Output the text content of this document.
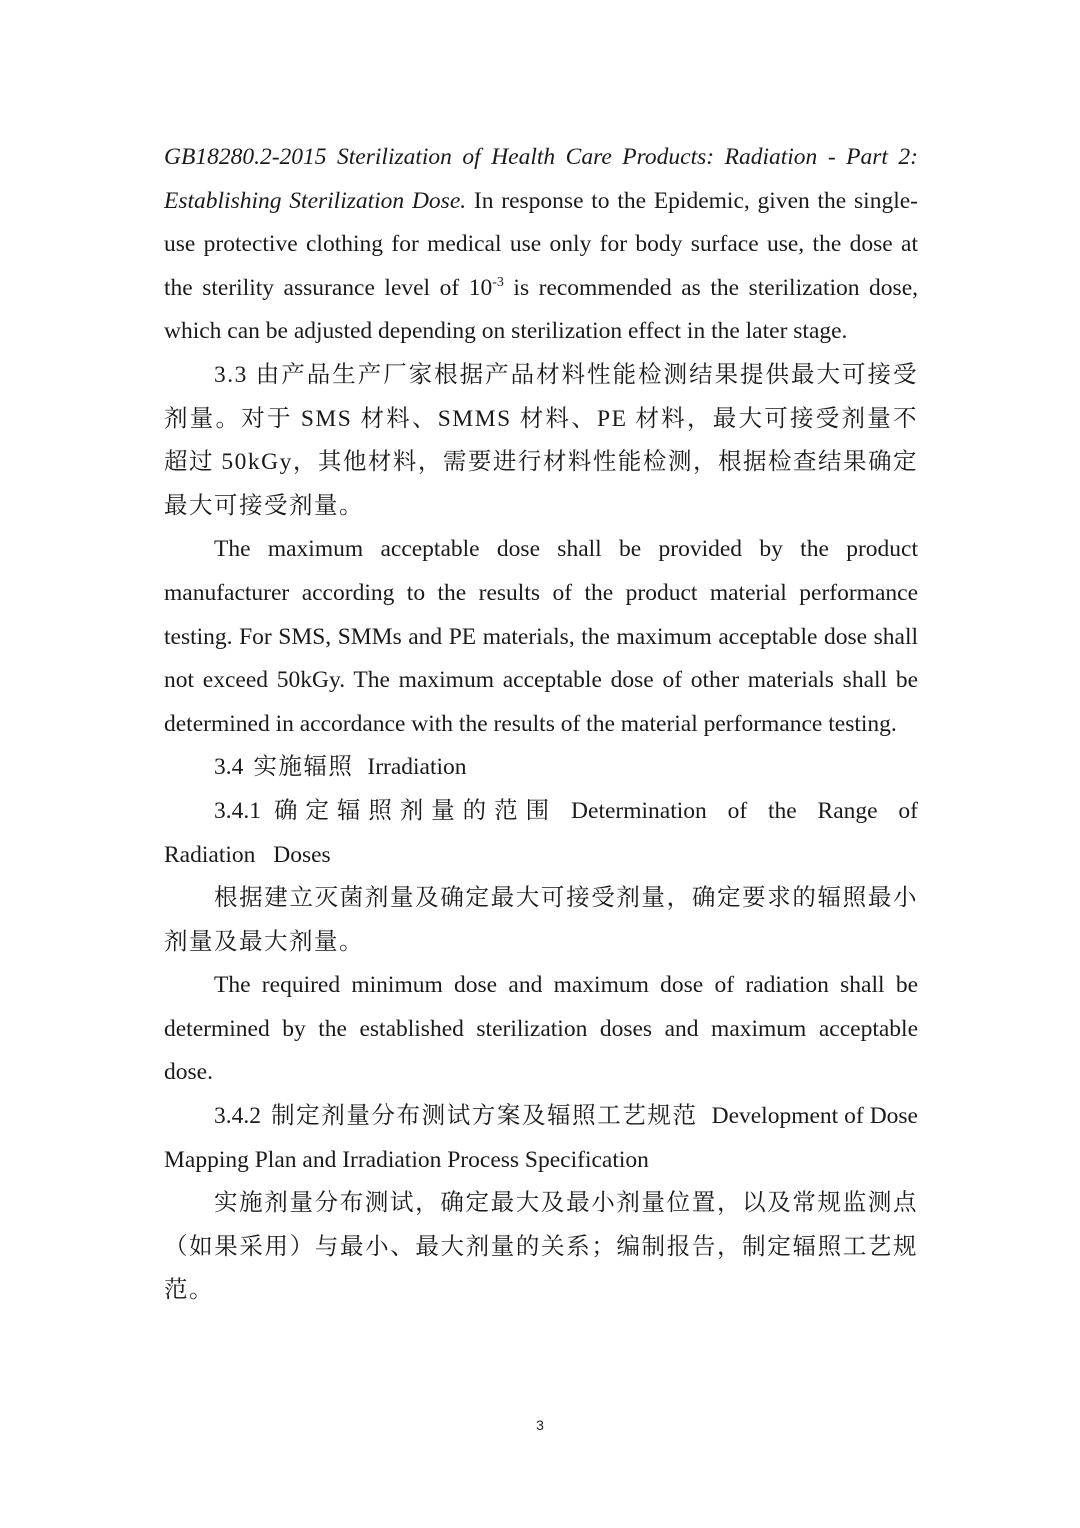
GB18280.2-2015 Sterilization of Health Care Products: Radiation - Part 2: Establishing Sterilization Dose. In response to the Epidemic, given the single-use protective clothing for medical use only for body surface use, the dose at the sterility assurance level of $10^{-3}$ is recommended as the sterilization dose, which can be adjusted depending on sterilization effect in the later stage.

3.3 由产品生产厂家根据产品材料性能检测结果提供最大可接受剂量。对于 SMS 材料、SMMS 材料、PE 材料，最大可接受剂量不超过 50kGy，其他材料，需要进行材料性能检测，根据检查结果确定最大可接受剂量。

The maximum acceptable dose shall be provided by the product manufacturer according to the results of the product material performance testing. For SMS, SMMs and PE materials, the maximum acceptable dose shall not exceed 50kGy. The maximum acceptable dose of other materials shall be determined in accordance with the results of the material performance testing.

3.4 实施辐照 Irradiation

3.4.1 确定辐照剂量的范围 Determination of the Range of Radiation Doses

根据建立灭菌剂量及确定最大可接受剂量，确定要求的辐照最小剂量及最大剂量。

The required minimum dose and maximum dose of radiation shall be determined by the established sterilization doses and maximum acceptable dose.

3.4.2 制定剂量分布测试方案及辐照工艺规范 Development of Dose Mapping Plan and Irradiation Process Specification

实施剂量分布测试，确定最大及最小剂量位置，以及常规监测点（如果采用）与最小、最大剂量的关系；编制报告，制定辐照工艺规范。

3
